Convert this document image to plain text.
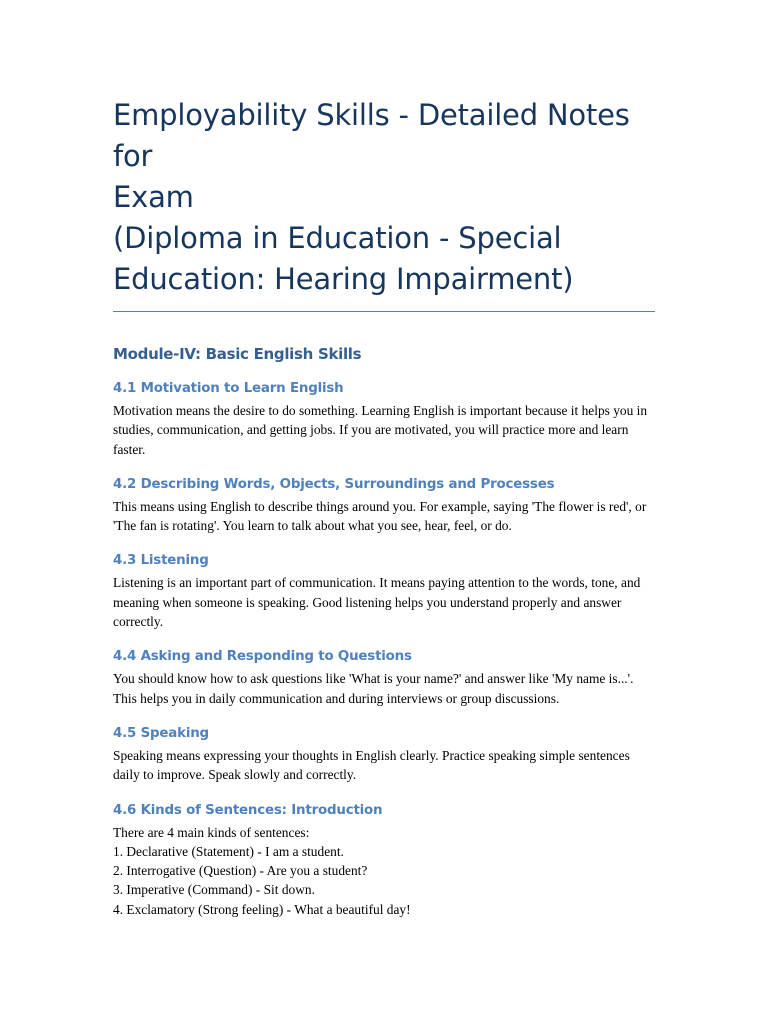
Employability Skills - Detailed Notes for
Exam
(Diploma in Education - Special
Education: Hearing Impairment)
Module-IV: Basic English Skills
4.1 Motivation to Learn English

Motivation means the desire to do something. Learning English is important because it helps you in studies, communication, and getting jobs. If you are motivated, you will practice more and learn faster.

4.2 Describing Words, Objects, Surroundings and Processes

This means using English to describe things around you. For example, saying 'The flower is red', or 'The fan is rotating'. You learn to talk about what you see, hear, feel, or do.

4.3 Listening

Listening is an important part of communication. It means paying attention to the words, tone, and meaning when someone is speaking. Good listening helps you understand properly and answer correctly.

4.4 Asking and Responding to Questions

You should know how to ask questions like 'What is your name?' and answer like 'My name is...'. This helps you in daily communication and during interviews or group discussions.

4.5 Speaking

Speaking means expressing your thoughts in English clearly. Practice speaking simple sentences daily to improve. Speak slowly and correctly.

4.6 Kinds of Sentences: Introduction

There are 4 main kinds of sentences:
1. Declarative (Statement) - I am a student.
2. Interrogative (Question) - Are you a student?
3. Imperative (Command) - Sit down.
4. Exclamatory (Strong feeling) - What a beautiful day!
